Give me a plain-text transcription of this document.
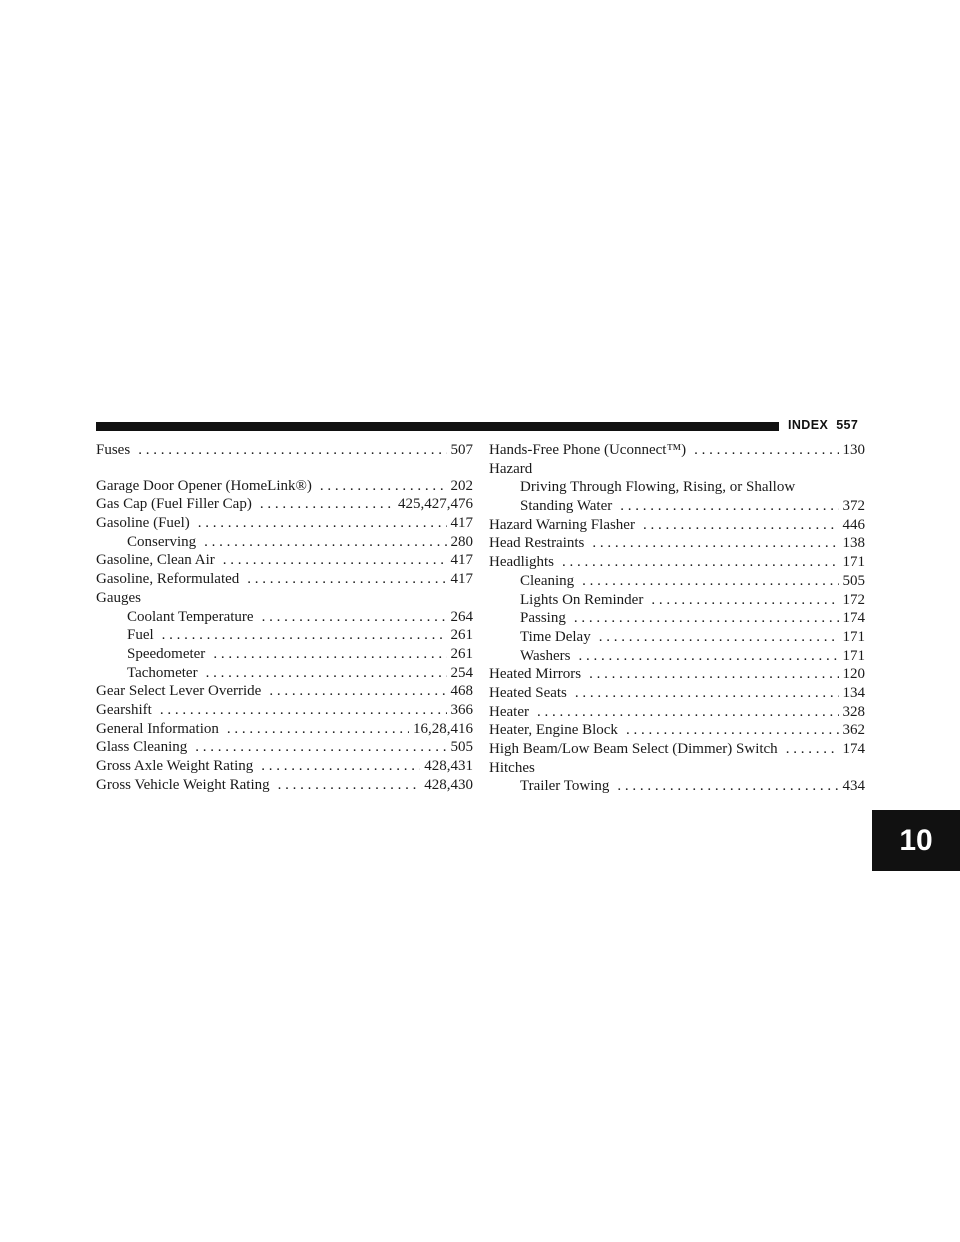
INDEX 557
Fuses . . .	507
Garage Door Opener (HomeLink®) . . .	202
Gas Cap (Fuel Filler Cap) . . .	425,427,476
Gasoline (Fuel) . . .	417
Conserving . . .	280
Gasoline, Clean Air . . .	417
Gasoline, Reformulated . . .	417
Gauges
Coolant Temperature . . .	264
Fuel . . .	261
Speedometer . . .	261
Tachometer . . .	254
Gear Select Lever Override . . .	468
Gearshift . . .	366
General Information . . .	16,28,416
Glass Cleaning . . .	505
Gross Axle Weight Rating . . .	428,431
Gross Vehicle Weight Rating . . .	428,430
Hands-Free Phone (Uconnect™) . . .	130
Hazard
Driving Through Flowing, Rising, or Shallow
Standing Water . . .	372
Hazard Warning Flasher . . .	446
Head Restraints . . .	138
Headlights . . .	171
Cleaning . . .	505
Lights On Reminder . . .	172
Passing . . .	174
Time Delay . . .	171
Washers . . .	171
Heated Mirrors . . .	120
Heated Seats . . .	134
Heater . . .	328
Heater, Engine Block . . .	362
High Beam/Low Beam Select (Dimmer) Switch . . .	174
Hitches
Trailer Towing . . .	434
10
